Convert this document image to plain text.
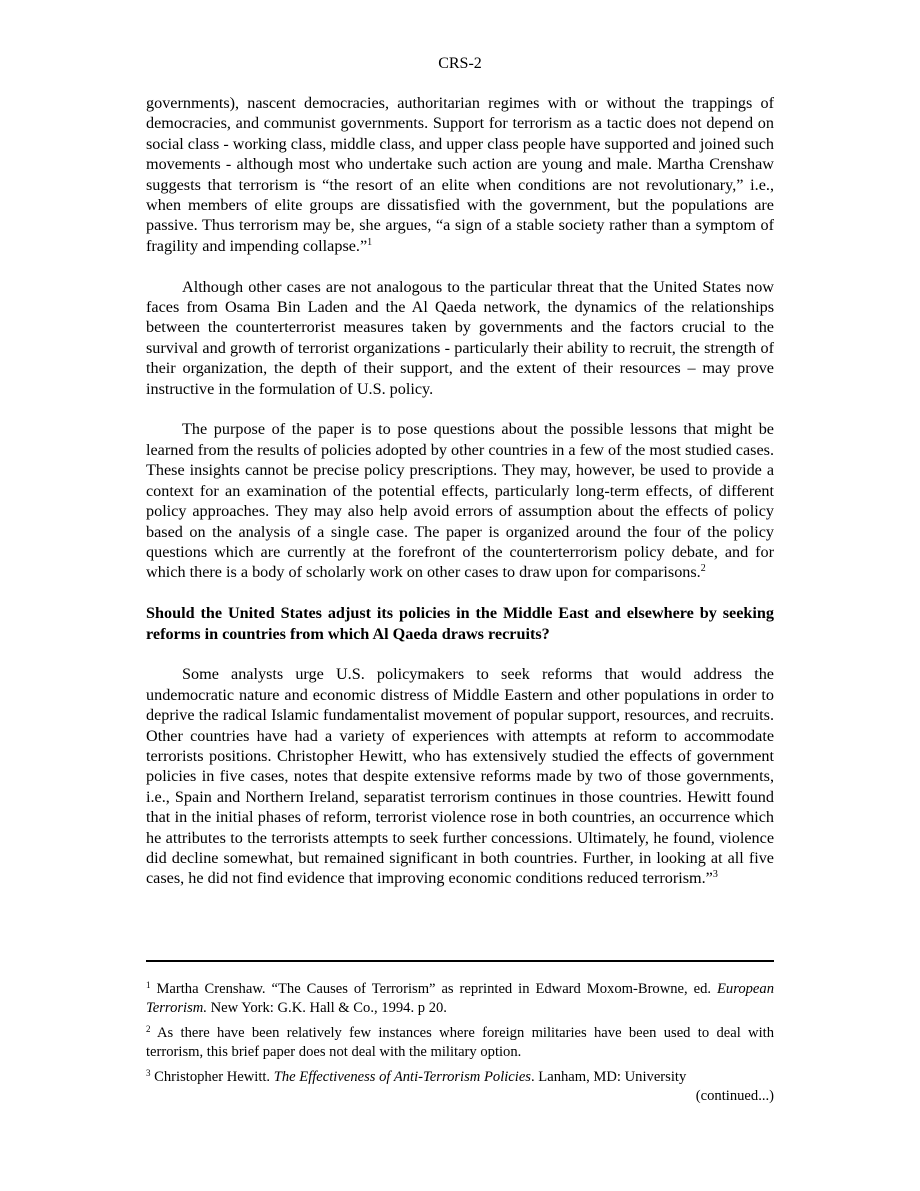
CRS-2

governments), nascent democracies, authoritarian regimes with or without the trappings of democracies, and communist governments. Support for terrorism as a tactic does not depend on social class - working class, middle class, and upper class people have supported and joined such movements - although most who undertake such action are young and male. Martha Crenshaw suggests that terrorism is “the resort of an elite when conditions are not revolutionary,” i.e., when members of elite groups are dissatisfied with the government, but the populations are passive. Thus terrorism may be, she argues, “a sign of a stable society rather than a symptom of fragility and impending collapse.”$^1$

Although other cases are not analogous to the particular threat that the United States now faces from Osama Bin Laden and the Al Qaeda network, the dynamics of the relationships between the counterterrorist measures taken by governments and the factors crucial to the survival and growth of terrorist organizations - particularly their ability to recruit, the strength of their organization, the depth of their support, and the extent of their resources – may prove instructive in the formulation of U.S. policy.

The purpose of the paper is to pose questions about the possible lessons that might be learned from the results of policies adopted by other countries in a few of the most studied cases. These insights cannot be precise policy prescriptions. They may, however, be used to provide a context for an examination of the potential effects, particularly long-term effects, of different policy approaches. They may also help avoid errors of assumption about the effects of policy based on the analysis of a single case. The paper is organized around the four of the policy questions which are currently at the forefront of the counterterrorism policy debate, and for which there is a body of scholarly work on other cases to draw upon for comparisons.$^2$

Should the United States adjust its policies in the Middle East and elsewhere by seeking reforms in countries from which Al Qaeda draws recruits?

Some analysts urge U.S. policymakers to seek reforms that would address the undemocratic nature and economic distress of Middle Eastern and other populations in order to deprive the radical Islamic fundamentalist movement of popular support, resources, and recruits. Other countries have had a variety of experiences with attempts at reform to accommodate terrorists positions. Christopher Hewitt, who has extensively studied the effects of government policies in five cases, notes that despite extensive reforms made by two of those governments, i.e., Spain and Northern Ireland, separatist terrorism continues in those countries. Hewitt found that in the initial phases of reform, terrorist violence rose in both countries, an occurrence which he attributes to the terrorists attempts to seek further concessions. Ultimately, he found, violence did decline somewhat, but remained significant in both countries. Further, in looking at all five cases, he did not find evidence that improving economic conditions reduced terrorism.”$^3$

$^1$ Martha Crenshaw. “The Causes of Terrorism” as reprinted in Edward Moxom-Browne, ed. European Terrorism. New York: G.K. Hall & Co., 1994. p 20.
$^2$ As there have been relatively few instances where foreign militaries have been used to deal with terrorism, this brief paper does not deal with the military option.
$^3$ Christopher Hewitt. The Effectiveness of Anti-Terrorism Policies. Lanham, MD: University
(continued...)
